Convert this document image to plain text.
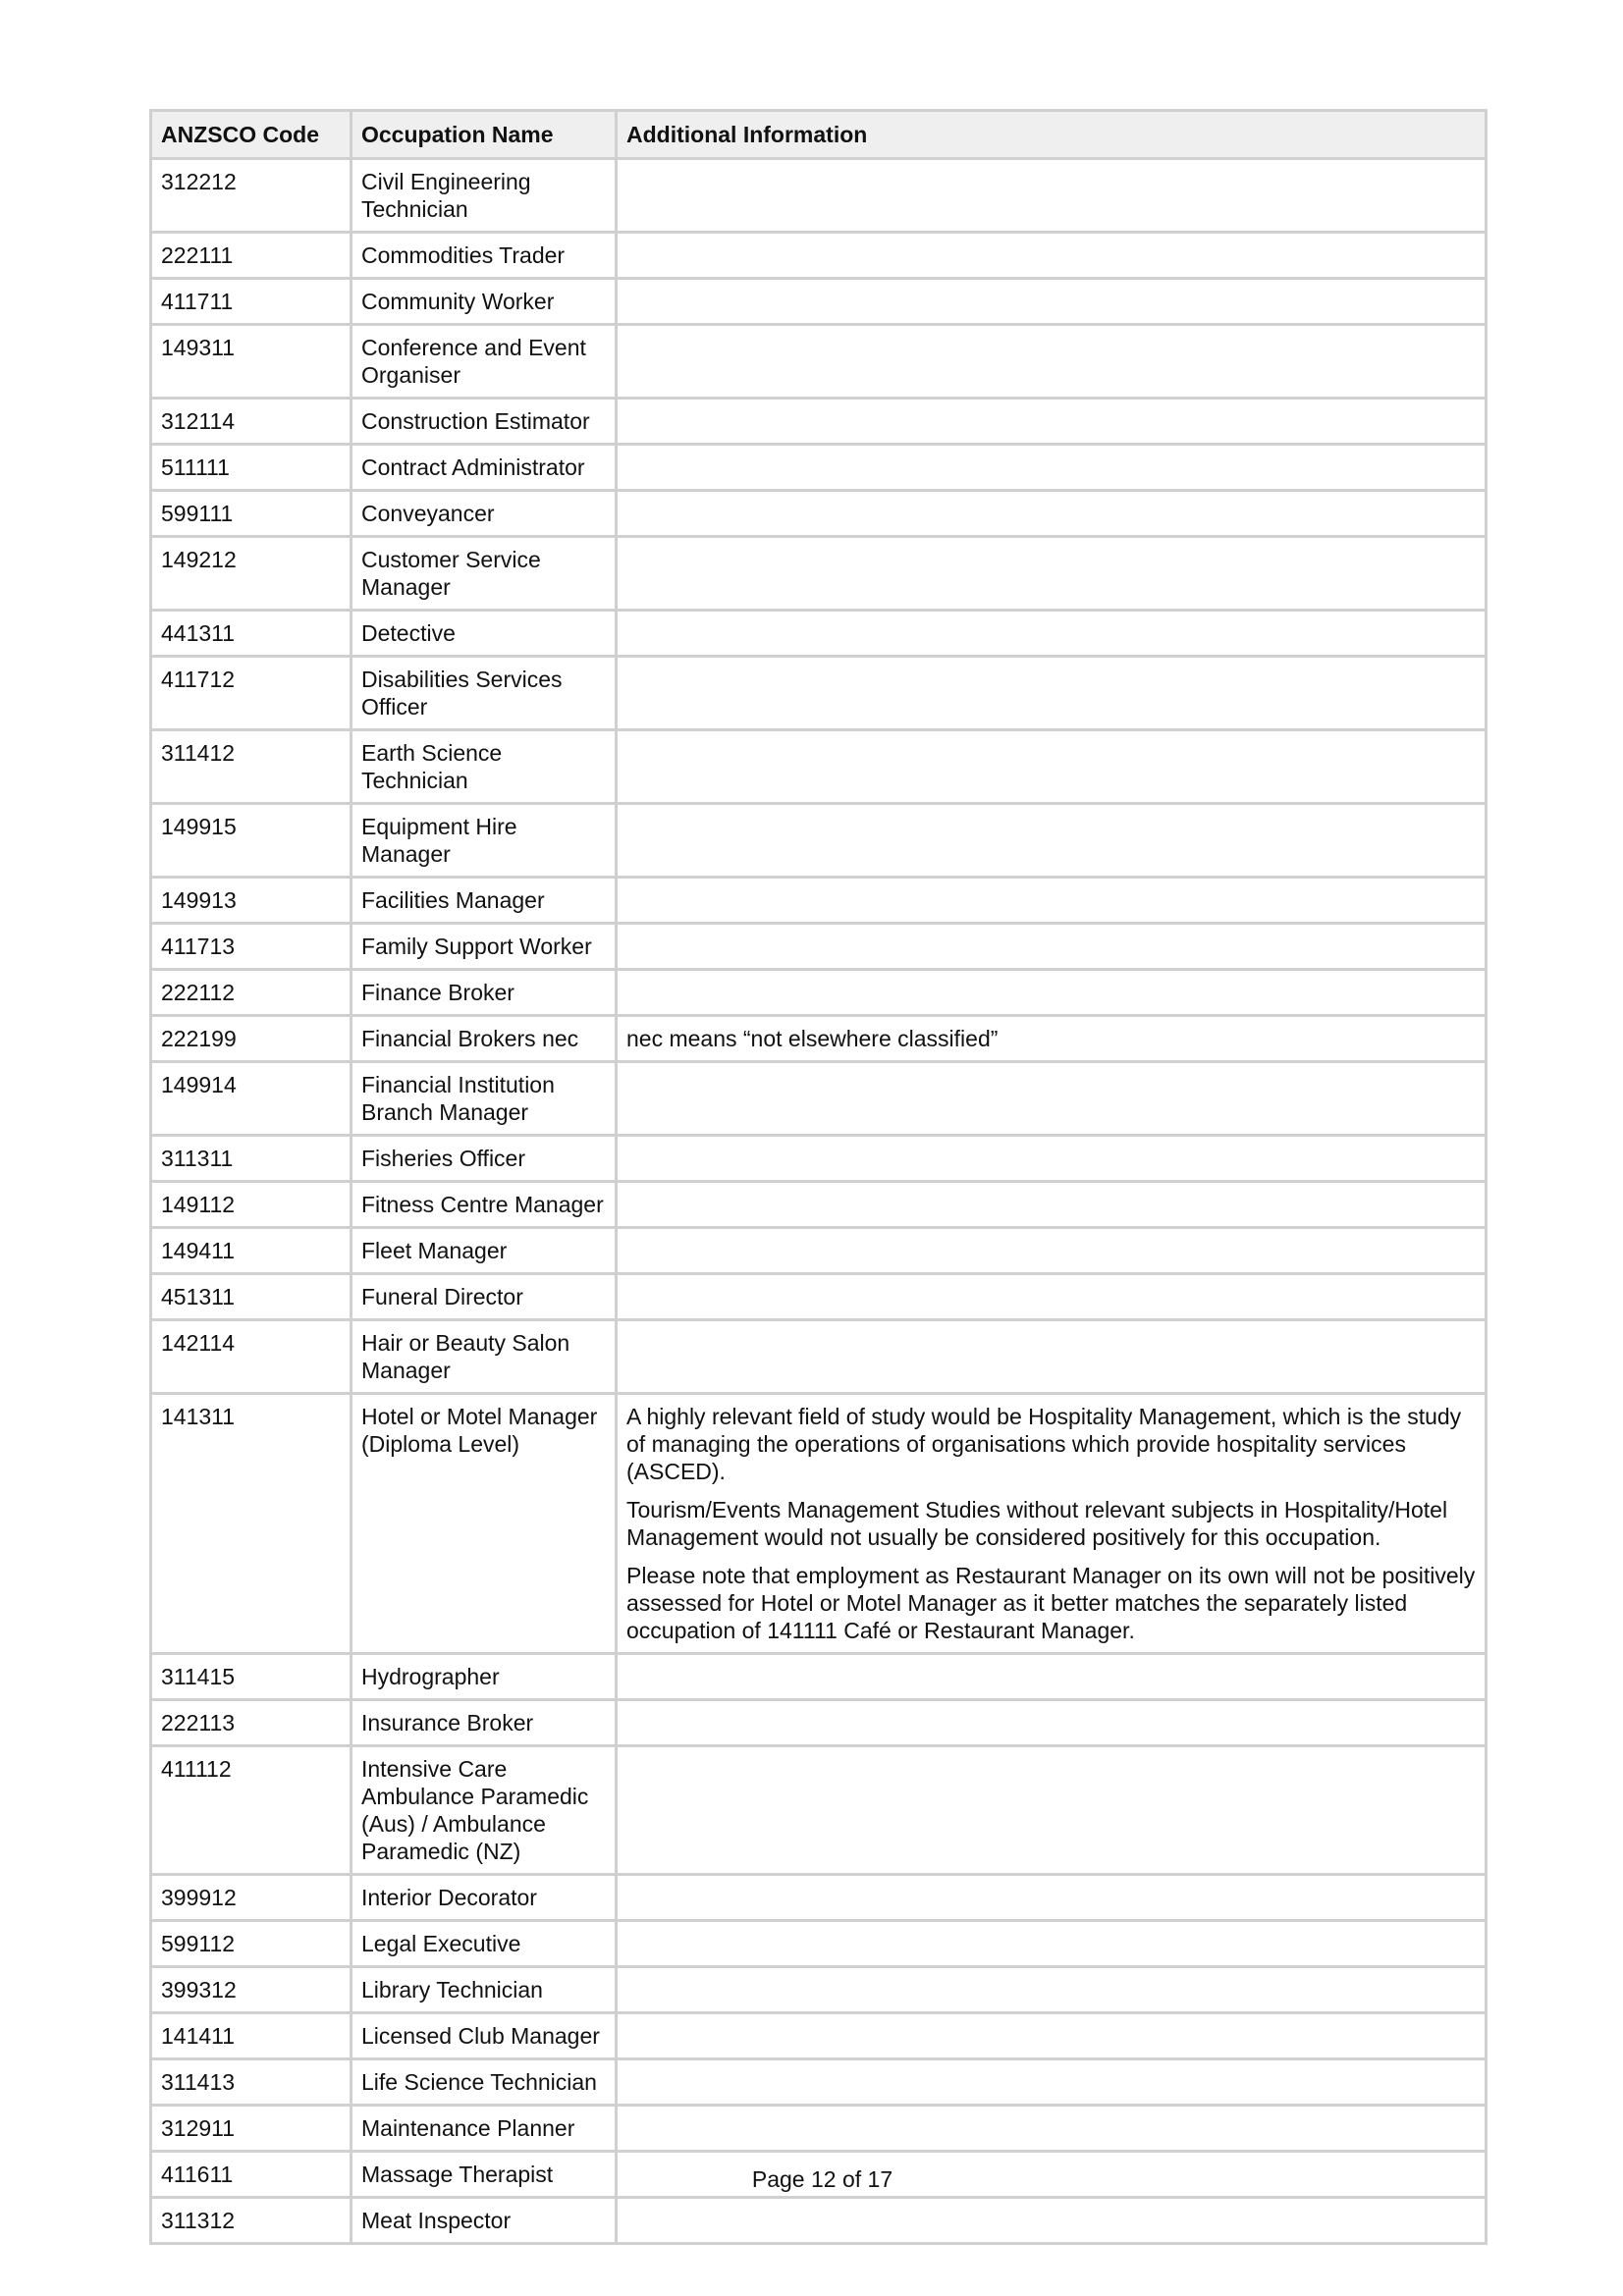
ANZSCO Code	Occupation Name	Additional Information
312212	Civil Engineering Technician	
222111	Commodities Trader	
411711	Community Worker	
149311	Conference and Event Organiser	
312114	Construction Estimator	
511111	Contract Administrator	
599111	Conveyancer	
149212	Customer Service Manager	
441311	Detective	
411712	Disabilities Services Officer	
311412	Earth Science Technician	
149915	Equipment Hire Manager	
149913	Facilities Manager	
411713	Family Support Worker	
222112	Finance Broker	
222199	Financial Brokers nec	nec means “not elsewhere classified”

149914	Financial Institution Branch Manager	
311311	Fisheries Officer	
149112	Fitness Centre Manager	
149411	Fleet Manager	
451311	Funeral Director	
142114	Hair or Beauty Salon Manager	
141311	Hotel or Motel Manager (Diploma Level)	A highly relevant field of study would be Hospitality Management, which is the study of managing the operations of organisations which provide hospitality services (ASCED).

Tourism/Events Management Studies without relevant subjects in Hospitality/Hotel Management would not usually be considered positively for this occupation.

Please note that employment as Restaurant Manager on its own will not be positively assessed for Hotel or Motel Manager as it better matches the separately listed occupation of 141111 Café or Restaurant Manager.

311415	Hydrographer	
222113	Insurance Broker	
411112	Intensive Care Ambulance Paramedic (Aus) / Ambulance Paramedic (NZ)	
399912	Interior Decorator	
599112	Legal Executive	
399312	Library Technician	
141411	Licensed Club Manager	
311413	Life Science Technician	
312911	Maintenance Planner	
411611	Massage Therapist	
311312	Meat Inspector	
Page 12 of 17
